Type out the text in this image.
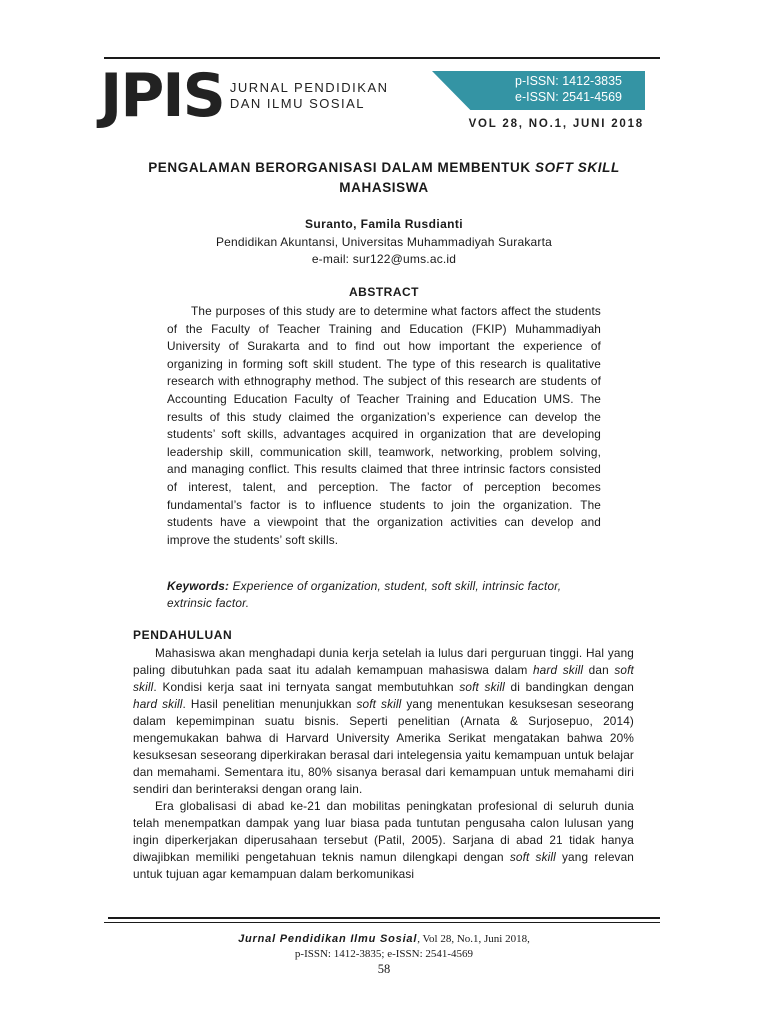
JPIS JURNAL PENDIDIKAN
DAN ILMU SOSIAL
p-ISSN: 1412-3835
e-ISSN: 2541-4569
VOL 28, NO.1, JUNI 2018
PENGALAMAN BERORGANISASI DALAM MEMBENTUK SOFT SKILL
MAHASISWA
Suranto, Famila Rusdianti
Pendidikan Akuntansi, Universitas Muhammadiyah Surakarta
e-mail: sur122@ums.ac.id
ABSTRACT

The purposes of this study are to determine what factors affect the students of the Faculty of Teacher Training and Education (FKIP) Muhammadiyah University of Surakarta and to find out how important the experience of organizing in forming soft skill student. The type of this research is qualitative research with ethnography method. The subject of this research are students of Accounting Education Faculty of Teacher Training and Education UMS. The results of this study claimed the organization’s experience can develop the students’ soft skills, advantages acquired in organization that are developing leadership skill, communication skill, teamwork, networking, problem solving, and managing conflict. This results claimed that three intrinsic factors consisted of interest, talent, and perception. The factor of perception becomes fundamental’s factor is to influence students to join the organization. The students have a viewpoint that the organization activities can develop and improve the students’ soft skills.

Keywords: Experience of organization, student, soft skill, intrinsic factor, extrinsic factor.

PENDAHULUAN

Mahasiswa akan menghadapi dunia kerja setelah ia lulus dari perguruan tinggi. Hal yang paling dibutuhkan pada saat itu adalah kemampuan mahasiswa dalam hard skill dan soft skill. Kondisi kerja saat ini ternyata sangat membutuhkan soft skill di bandingkan dengan hard skill. Hasil penelitian menunjukkan soft skill yang menentukan kesuksesan seseorang dalam kepemimpinan suatu bisnis. Seperti penelitian (Arnata & Surjosepuo, 2014) mengemukakan bahwa di Harvard University Amerika Serikat mengatakan bahwa 20% kesuksesan seseorang diperkirakan berasal dari intelegensia yaitu kemampuan untuk belajar dan memahami. Sementara itu, 80% sisanya berasal dari kemampuan untuk memahami diri sendiri dan berinteraksi dengan orang lain.

Era globalisasi di abad ke-21 dan mobilitas peningkatan profesional di seluruh dunia telah menempatkan dampak yang luar biasa pada tuntutan pengusaha calon lulusan yang ingin diperkerjakan diperusahaan tersebut (Patil, 2005). Sarjana di abad 21 tidak hanya diwajibkan memiliki pengetahuan teknis namun dilengkapi dengan soft skill yang relevan untuk tujuan agar kemampuan dalam berkomunikasi

Jurnal Pendidikan Ilmu Sosial, Vol 28, No.1, Juni 2018,
p-ISSN: 1412-3835; e-ISSN: 2541-4569
58
